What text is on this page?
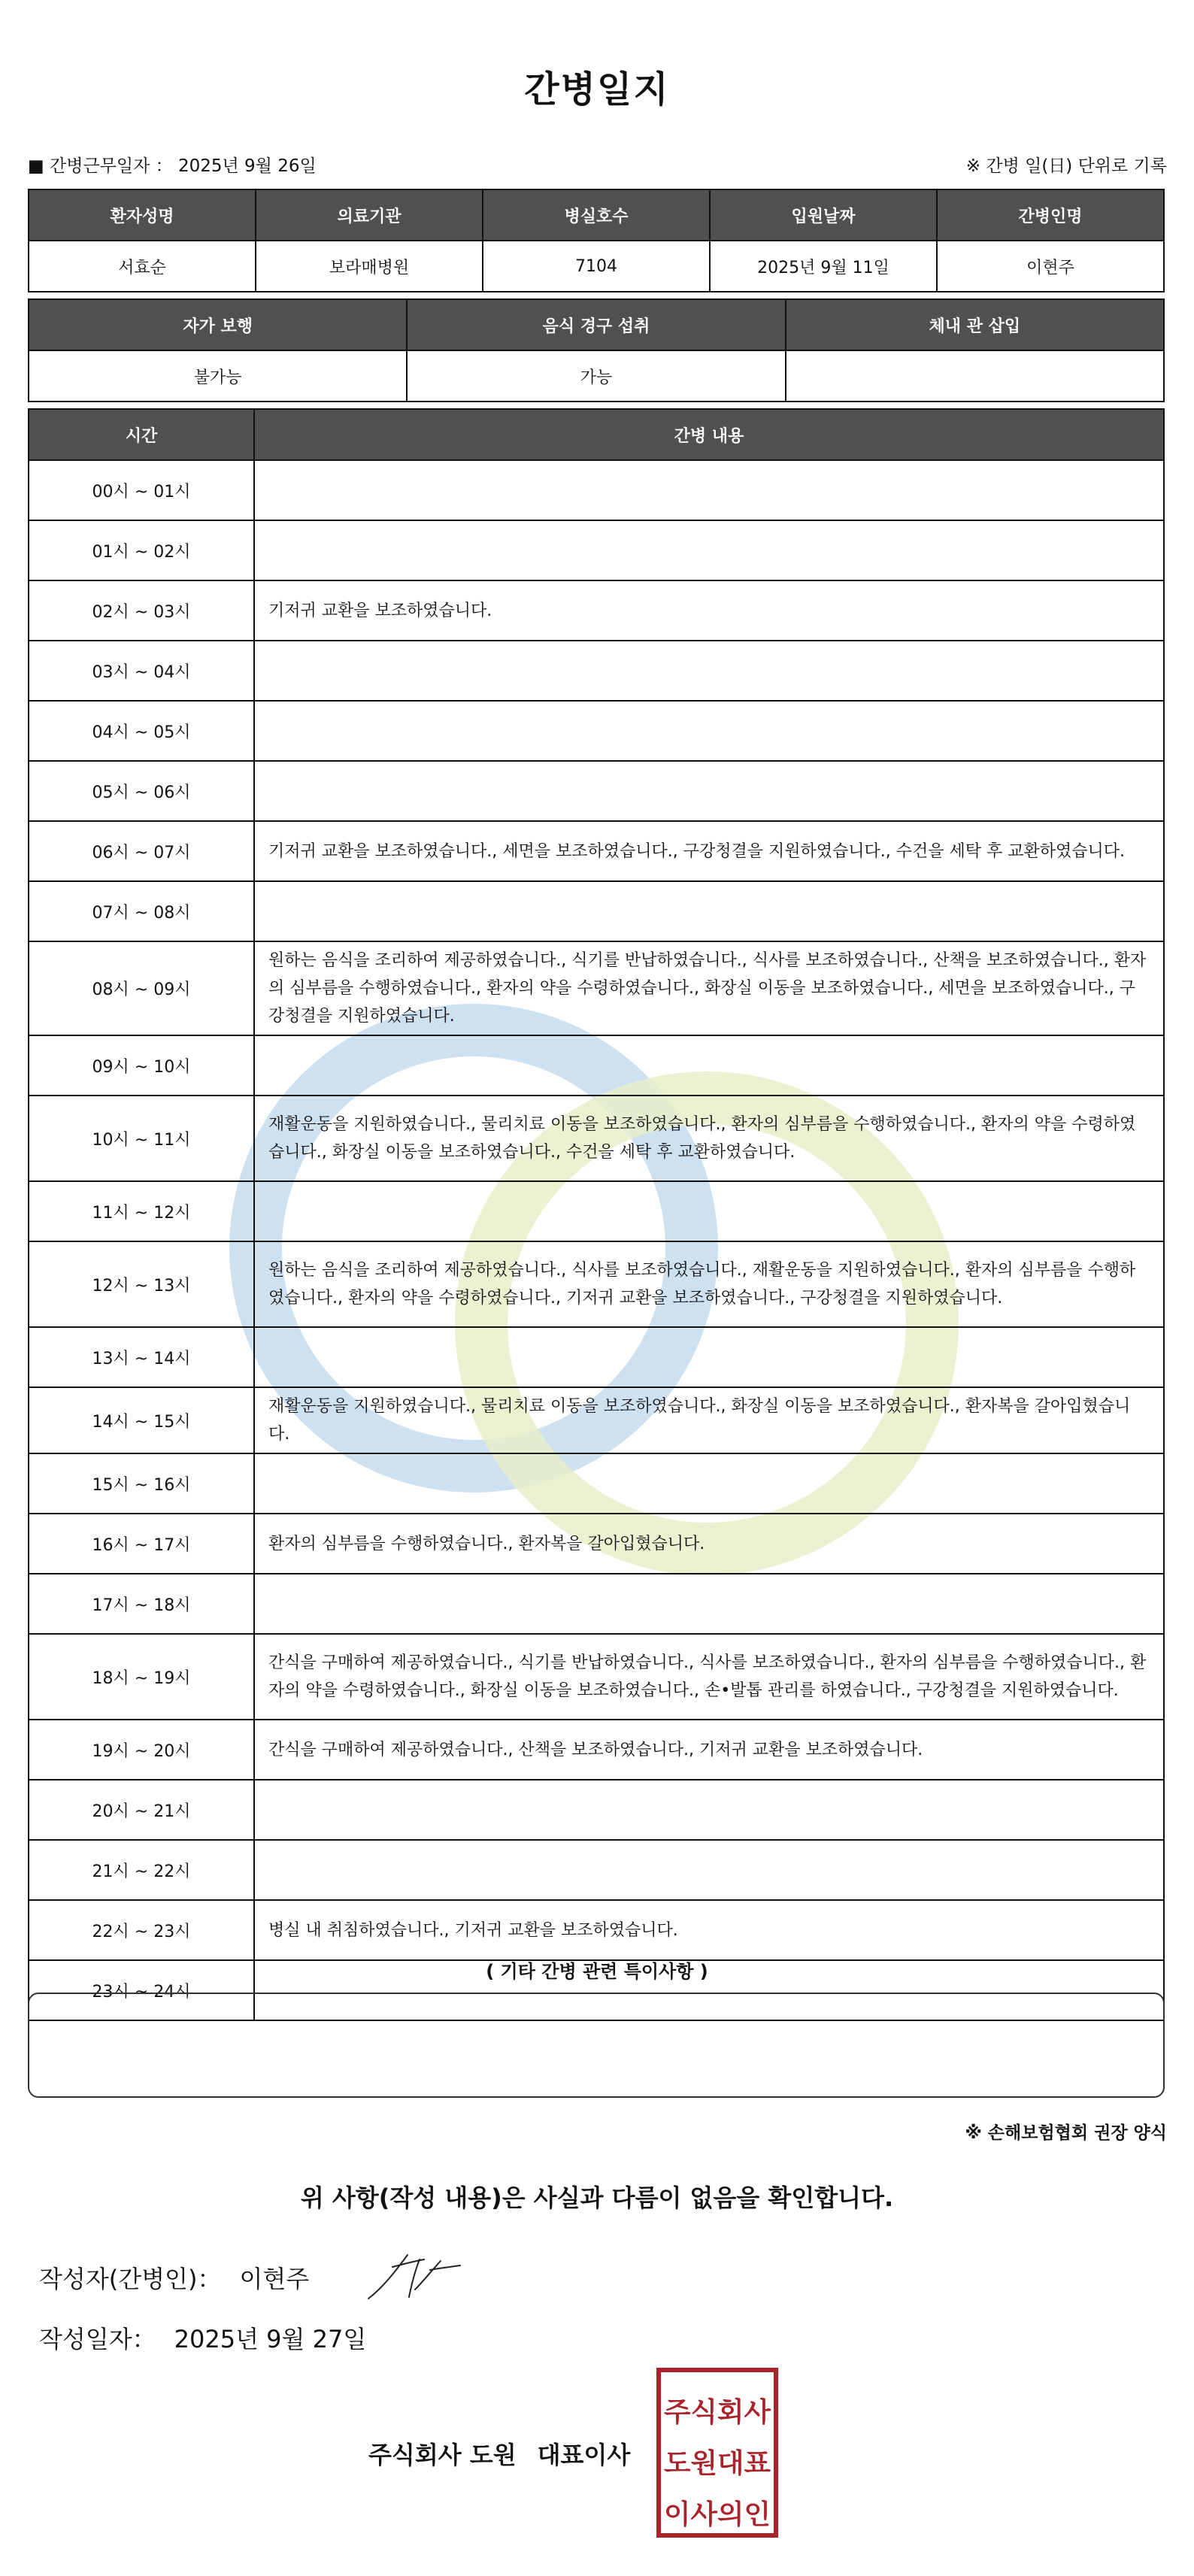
간병일지
■ 간병근무일자 ： 2025년 9월 26일	※ 간병 일(日) 단위로 기록
환자성명	의료기관	병실호수	입원날짜	간병인명
서효순	보라매병원	7104	2025년 9월 11일	이현주
자가 보행	음식 경구 섭취	체내 관 삽입
불가능	가능	
시간	간병 내용
00시 ~ 01시	
01시 ~ 02시	
02시 ~ 03시	기저귀 교환을 보조하였습니다.
03시 ~ 04시	
04시 ~ 05시	
05시 ~ 06시	
06시 ~ 07시	기저귀 교환을 보조하였습니다., 세면을 보조하였습니다., 구강청결을 지원하였습니다., 수건을 세탁 후 교환하였습니다.
07시 ~ 08시	
08시 ~ 09시	원하는 음식을 조리하여 제공하였습니다., 식기를 반납하였습니다., 식사를 보조하였습니다., 산책을 보조하였습니다., 환자의 심부름을 수행하였습니다., 환자의 약을 수령하였습니다., 화장실 이동을 보조하였습니다., 세면을 보조하였습니다., 구강청결을 지원하였습니다.
09시 ~ 10시	
10시 ~ 11시	재활운동을 지원하였습니다., 물리치료 이동을 보조하였습니다., 환자의 심부름을 수행하였습니다., 환자의 약을 수령하였습니다., 화장실 이동을 보조하였습니다., 수건을 세탁 후 교환하였습니다.
11시 ~ 12시	
12시 ~ 13시	원하는 음식을 조리하여 제공하였습니다., 식사를 보조하였습니다., 재활운동을 지원하였습니다., 환자의 심부름을 수행하였습니다., 환자의 약을 수령하였습니다., 기저귀 교환을 보조하였습니다., 구강청결을 지원하였습니다.
13시 ~ 14시	
14시 ~ 15시	재활운동을 지원하였습니다., 물리치료 이동을 보조하였습니다., 화장실 이동을 보조하였습니다., 환자복을 갈아입혔습니다.
15시 ~ 16시	
16시 ~ 17시	환자의 심부름을 수행하였습니다., 환자복을 갈아입혔습니다.
17시 ~ 18시	
18시 ~ 19시	간식을 구매하여 제공하였습니다., 식기를 반납하였습니다., 식사를 보조하였습니다., 환자의 심부름을 수행하였습니다., 환자의 약을 수령하였습니다., 화장실 이동을 보조하였습니다., 손•발톱 관리를 하였습니다., 구강청결을 지원하였습니다.
19시 ~ 20시	간식을 구매하여 제공하였습니다., 산책을 보조하였습니다., 기저귀 교환을 보조하였습니다.
20시 ~ 21시	
21시 ~ 22시	
22시 ~ 23시	병실 내 취침하였습니다., 기저귀 교환을 보조하였습니다.
23시 ~ 24시	
( 기타 간병 관련 특이사항 )
※ 손해보험협회 권장 양식
위 사항(작성 내용)은 사실과 다름이 없음을 확인합니다.
작성자(간병인)： 이현주
작성일자： 2025년 9월 27일
주식회사 도원 대표이사
주식회사
도원대표
이사의인
